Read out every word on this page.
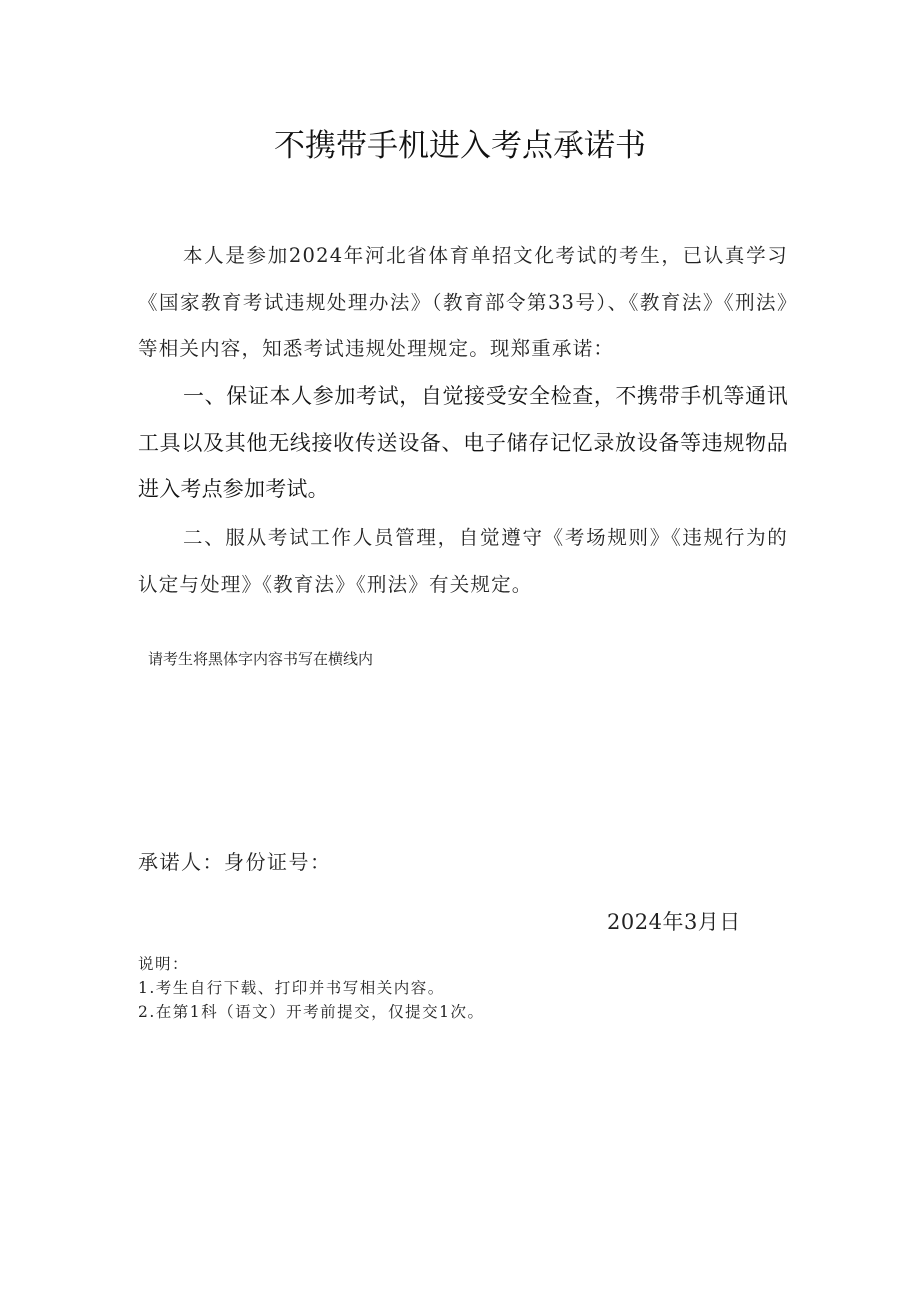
不携带手机进入考点承诺书
本人是参加2024年河北省体育单招文化考试的考生，已认真学习《国家教育考试违规处理办法》（教育部令第33号）、《教育法》《刑法》等相关内容，知悉考试违规处理规定。现郑重承诺：
一、保证本人参加考试，自觉接受安全检查，不携带手机等通讯工具以及其他无线接收传送设备、电子储存记忆录放设备等违规物品进入考点参加考试。
二、服从考试工作人员管理，自觉遵守《考场规则》《违规行为的认定与处理》《教育法》《刑法》有关规定。
请考生将黑体字内容书写在横线内
承诺人：身份证号：
2024年3月日
说明：
1.考生自行下载、打印并书写相关内容。
2.在第1科（语文）开考前提交，仅提交1次。
